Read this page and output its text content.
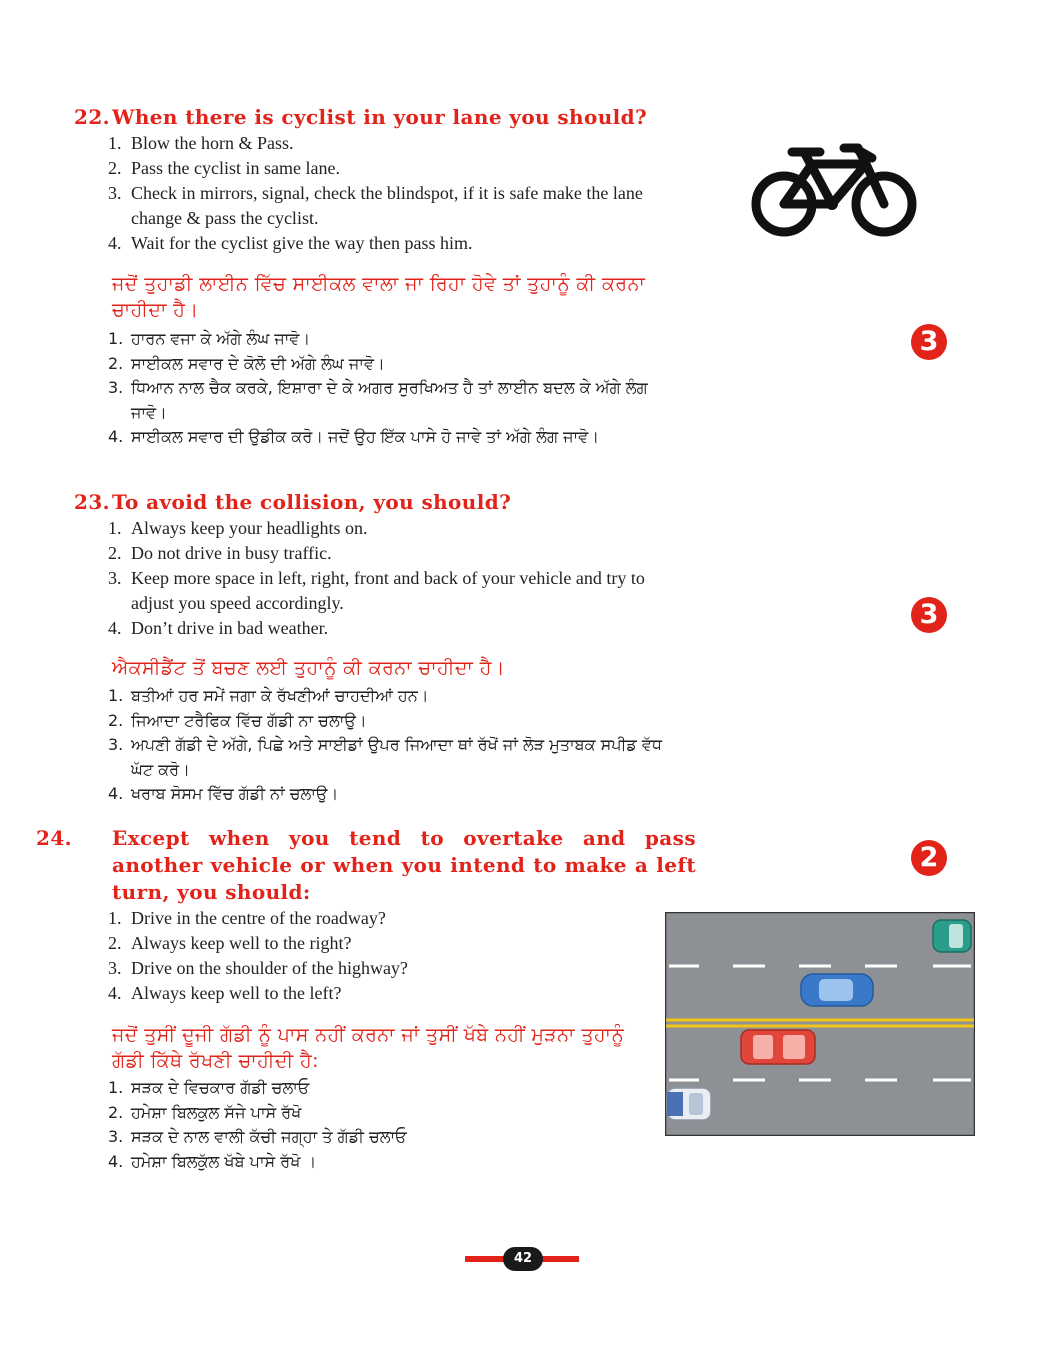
22. When there is cyclist in your lane you should?
1. Blow the horn & Pass.
2. Pass the cyclist in same lane.
3. Check in mirrors, signal, check the blindspot, if it is safe make the lane change & pass the cyclist.
4. Wait for the cyclist give the way then pass him.
ਜਦੋਂ ਤੁਹਾਡੀ ਲਾਈਨ ਵਿੱਚ ਸਾਈਕਲ ਵਾਲਾ ਜਾ ਰਿਹਾ ਹੋਵੇ ਤਾਂ ਤੁਹਾਨੂੰ ਕੀ ਕਰਨਾ ਚਾਹੀਦਾ ਹੈ।
1. ਹਾਰਨ ਵਜਾ ਕੇ ਅੱਗੇ ਲੰਘ ਜਾਵੋ।
2. ਸਾਈਕਲ ਸਵਾਰ ਦੇ ਕੋਲੋ ਦੀ ਅੱਗੇ ਲੰਘ ਜਾਵੋ।
3. ਧਿਆਨ ਨਾਲ ਚੈਕ ਕਰਕੇ, ਇਸ਼ਾਰਾ ਦੇ ਕੇ ਅਗਰ ਸੁਰਖਿਅਤ ਹੈ ਤਾਂ ਲਾਈਨ ਬਦਲ ਕੇ ਅੱਗੇ ਲੰਗ ਜਾਵੋ।
4. ਸਾਈਕਲ ਸਵਾਰ ਦੀ ਉਡੀਕ ਕਰੋ। ਜਦੋਂ ਉਹ ਇੱਕ ਪਾਸੇ ਹੋ ਜਾਵੇ ਤਾਂ ਅੱਗੇ ਲੰਗ ਜਾਵੋ।
3
23. To avoid the collision, you should?
1. Always keep your headlights on.
2. Do not drive in busy traffic.
3. Keep more space in left, right, front and back of your vehicle and try to adjust you speed accordingly.
4. Don’t drive in bad weather.
ਐਕਸੀਡੈਂਟ ਤੋਂ ਬਚਣ ਲਈ ਤੁਹਾਨੂੰ ਕੀ ਕਰਨਾ ਚਾਹੀਦਾ ਹੈ।
1. ਬਤੀਆਂ ਹਰ ਸਮੇਂ ਜਗਾ ਕੇ ਰੱਖਣੀਆਂ ਚਾਹਦੀਆਂ ਹਨ।
2. ਜਿਆਦਾ ਟਰੈਫਿਕ ਵਿੱਚ ਗੱਡੀ ਨਾ ਚਲਾਉ।
3. ਅਪਣੀ ਗੱਡੀ ਦੇ ਅੱਗੇ, ਪਿਛੇ ਅਤੇ ਸਾਈਡਾਂ ਉਪਰ ਜਿਆਦਾ ਥਾਂ ਰੱਖੋਂ ਜਾਂ ਲੋੜ ਮੁਤਾਬਕ ਸਪੀਡ ਵੱਧ ਘੱਟ ਕਰੋ।
4. ਖਰਾਬ ਸੋਸਮ ਵਿੱਚ ਗੱਡੀ ਨਾਂ ਚਲਾਉ।
3
24. Except when you tend to overtake and pass another vehicle or when you intend to make a left turn, you should:
1. Drive in the centre of the roadway?
2. Always keep well to the right?
3. Drive on the shoulder of the highway?
4. Always keep well to the left?
ਜਦੋਂ ਤੁਸੀਂ ਦੂਜੀ ਗੱਡੀ ਨੂੰ ਪਾਸ ਨਹੀਂ ਕਰਨਾ ਜਾਂ ਤੁਸੀਂ ਖੱਬੇ ਨਹੀਂ ਮੁੜਨਾ ਤੁਹਾਨੂੰ ਗੱਡੀ ਕਿੱਥੇ ਰੱਖਣੀ ਚਾਹੀਦੀ ਹੈ:
1. ਸੜਕ ਦੇ ਵਿਚਕਾਰ ਗੱਡੀ ਚਲਾਓ
2. ਹਮੇਸ਼ਾ ਬਿਲਕੁਲ ਸੱਜੇ ਪਾਸੇ ਰੱਖੋ
3. ਸੜਕ ਦੇ ਨਾਲ ਵਾਲੀ ਕੱਚੀ ਜਗ੍ਹਾ ਤੇ ਗੱਡੀ ਚਲਾਓ
4. ਹਮੇਸ਼ਾ ਬਿਲਕੁੱਲ ਖੱਬੇ ਪਾਸੇ ਰੱਖੋ ।
2
42
